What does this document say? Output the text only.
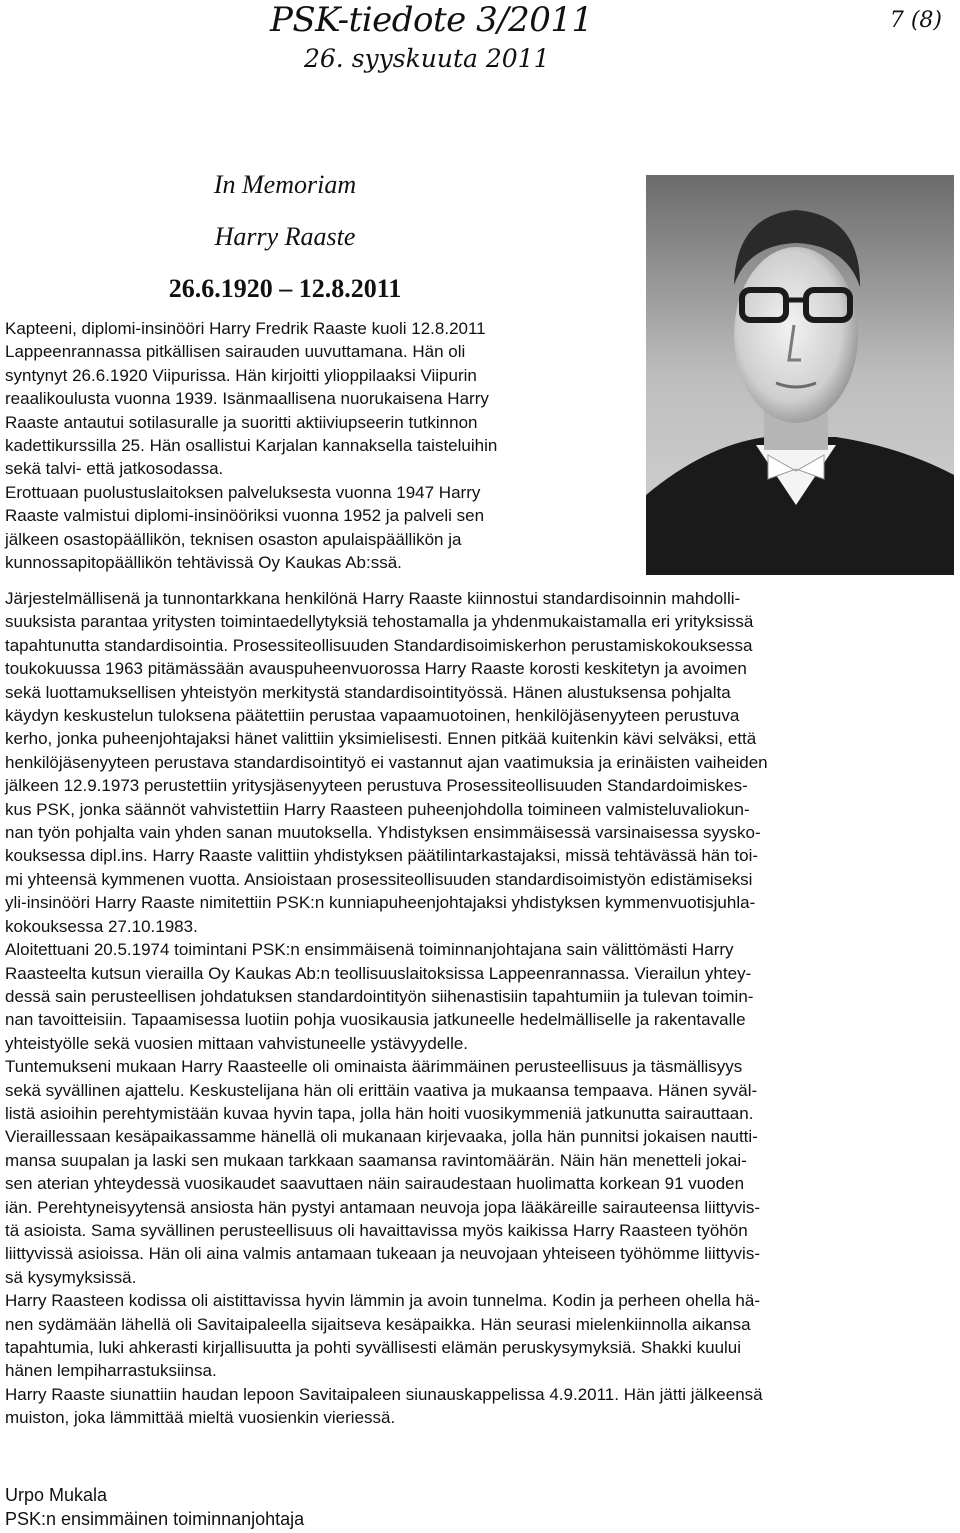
PSK-tiedote 3/2011	7 (8)
26. syyskuuta 2011
In Memoriam
Harry Raaste
26.6.1920 – 12.8.2011
Kapteeni, diplomi-insinööri Harry Fredrik Raaste kuoli 12.8.2011
Lappeenrannassa pitkällisen sairauden uuvuttamana. Hän oli
syntynyt 26.6.1920 Viipurissa. Hän kirjoitti ylioppilaaksi Viipurin
reaalikoulusta vuonna 1939. Isänmaallisena nuorukaisena Harry
Raaste antautui sotilasuralle ja suoritti aktiiviupseerin tutkinnon
kadettikurssilla 25. Hän osallistui Karjalan kannaksella taisteluihin
sekä talvi- että jatkosodassa.
Erottuaan puolustuslaitoksen palveluksesta vuonna 1947 Harry
Raaste valmistui diplomi-insinööriksi vuonna 1952 ja palveli sen
jälkeen osastopäällikön, teknisen osaston apulaispäällikön ja
kunnossapitopäällikön tehtävissä Oy Kaukas Ab:ssä.
Järjestelmällisenä ja tunnontarkkana henkilönä Harry Raaste kiinnostui standardisoinnin mahdolli-
suuksista parantaa yritysten toimintaedellytyksiä tehostamalla ja yhdenmukaistamalla eri yrityksissä
tapahtunutta standardisointia. Prosessiteollisuuden Standardisoimiskerhon perustamiskokouksessa
toukokuussa 1963 pitämässään avauspuheenvuorossa Harry Raaste korosti keskitetyn ja avoimen
sekä luottamuksellisen yhteistyön merkitystä standardisointityössä. Hänen alustuksensa pohjalta
käydyn keskustelun tuloksena päätettiin perustaa vapaamuotoinen, henkilöjäsenyyteen perustuva
kerho, jonka puheenjohtajaksi hänet valittiin yksimielisesti. Ennen pitkää kuitenkin kävi selväksi, että
henkilöjäsenyyteen perustava standardisointityö ei vastannut ajan vaatimuksia ja erinäisten vaiheiden
jälkeen 12.9.1973 perustettiin yritysjäsenyyteen perustuva Prosessiteollisuuden Standardoimiskes-
kus PSK, jonka säännöt vahvistettiin Harry Raasteen puheenjohdolla toimineen valmisteluvaliokun-
nan työn pohjalta vain yhden sanan muutoksella. Yhdistyksen ensimmäisessä varsinaisessa syysko-
kouksessa dipl.ins. Harry Raaste valittiin yhdistyksen päätilintarkastajaksi, missä tehtävässä hän toi-
mi yhteensä kymmenen vuotta. Ansioistaan prosessiteollisuuden standardisoimistyön edistämiseksi
yli-insinööri Harry Raaste nimitettiin PSK:n kunniapuheenjohtajaksi yhdistyksen kymmenvuotisjuhla-
kokouksessa 27.10.1983.
Aloitettuani 20.5.1974 toimintani PSK:n ensimmäisenä toiminnanjohtajana sain välittömästi Harry
Raasteelta kutsun vierailla Oy Kaukas Ab:n teollisuuslaitoksissa Lappeenrannassa. Vierailun yhtey-
dessä sain perusteellisen johdatuksen standardointityön siihenastisiin tapahtumiin ja tulevan toimin-
nan tavoitteisiin. Tapaamisessa luotiin pohja vuosikausia jatkuneelle hedelmälliselle ja rakentavalle
yhteistyölle sekä vuosien mittaan vahvistuneelle ystävyydelle.
Tuntemukseni mukaan Harry Raasteelle oli ominaista äärimmäinen perusteellisuus ja täsmällisyys
sekä syvällinen ajattelu. Keskustelijana hän oli erittäin vaativa ja mukaansa tempaava. Hänen syväl-
listä asioihin perehtymistään kuvaa hyvin tapa, jolla hän hoiti vuosikymmeniä jatkunutta sairauttaan.
Vieraillessaan kesäpaikassamme hänellä oli mukanaan kirjevaaka, jolla hän punnitsi jokaisen nautti-
mansa suupalan ja laski sen mukaan tarkkaan saamansa ravintomäärän. Näin hän menetteli jokai-
sen aterian yhteydessä vuosikaudet saavuttaen näin sairaudestaan huolimatta korkean 91 vuoden
iän. Perehtyneisyytensä ansiosta hän pystyi antamaan neuvoja jopa lääkäreille sairauteensa liittyvis-
tä asioista. Sama syvällinen perusteellisuus oli havaittavissa myös kaikissa Harry Raasteen työhön
liittyvissä asioissa. Hän oli aina valmis antamaan tukeaan ja neuvojaan yhteiseen työhömme liittyvis-
sä kysymyksissä.
Harry Raasteen kodissa oli aistittavissa hyvin lämmin ja avoin tunnelma. Kodin ja perheen ohella hä-
nen sydämään lähellä oli Savitaipaleella sijaitseva kesäpaikka. Hän seurasi mielenkiinnolla aikansa
tapahtumia, luki ahkerasti kirjallisuutta ja pohti syvällisesti elämän peruskysymyksiä. Shakki kuului
hänen lempiharrastuksiinsa.
Harry Raaste siunattiin haudan lepoon Savitaipaleen siunauskappelissa 4.9.2011. Hän jätti jälkeensä
muiston, joka lämmittää mieltä vuosienkin vieriessä.
Urpo Mukala
PSK:n ensimmäinen toiminnanjohtaja
